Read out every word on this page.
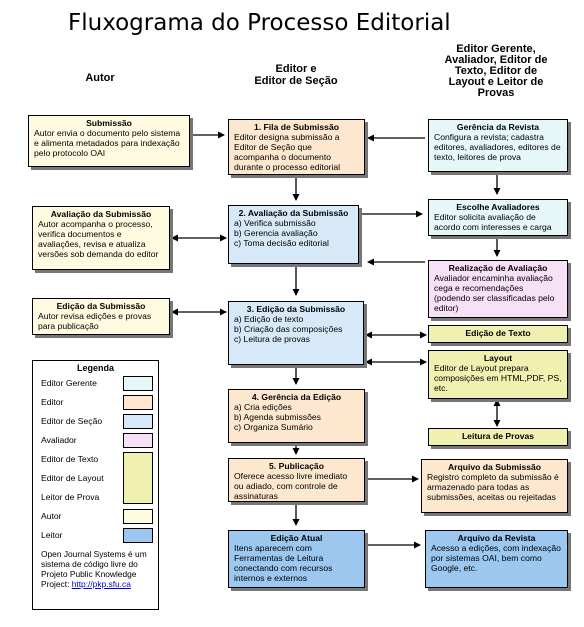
Fluxograma do Processo Editorial
Autor
Editor e
Editor de Seção
Editor Gerente,
Avaliador, Editor de
Texto, Editor de
Layout e Leitor de
Provas
Submissão
Autor envia o documento pelo sistema e alimenta metadados para indexação pelo protocolo OAI
Avaliação da Submissão
Autor acompanha o processo, verifica documentos e avaliações, revisa e atualiza versões sob demanda do editor
Edição da Submissão
Autor revisa edições e provas para publicação
1. Fila de Submissão
Editor designa submissão a Editor de Seção que acompanha o documento durante o processo editorial
2. Avaliação da Submissão
a) Verifica submissão
b) Gerencia avaliação
c) Toma decisão editorial
3. Edição da Submissão
a) Edição de texto
b) Criação das composições
c) Leitura de provas
4. Gerência da Edição
a) Cria edições
b) Agenda submissões
c) Organiza Sumário
5. Publicação
Oferece acesso livre imediato ou adiado, com controle de assinaturas
Edição Atual
Itens aparecem com Ferramentas de Leitura conectando com recursos internos e externos
Gerência da Revista
Configura a revista; cadastra editores, avaliadores, editores de texto, leitores de prova
Escolhe Avaliadores
Editor solicita avaliação de acordo com interesses e carga
Realização de Avaliação
Avaliador encaminha avaliação cega e recomendações (podendo ser classificadas pelo editor)
Edição de Texto
Layout
Editor de Layout prepara composições em HTML,PDF, PS, etc.
Leitura de Provas
Arquivo da Submissão
Registro completo da submissão é armazenado para todas as submissões, aceitas ou rejeitadas
Arquivo da Revista
Acesso a edições, com indexação por sistemas OAI, bem como Google, etc.
Legenda
Editor Gerente
Editor
Editor de Seção
Avaliador
Editor de Texto
Editor de Layout
Leitor de Prova
Autor
Leitor
Open Journal Systems é um sistema de código livre do Projeto Public Knowledge Project: http://pkp.sfu.ca
